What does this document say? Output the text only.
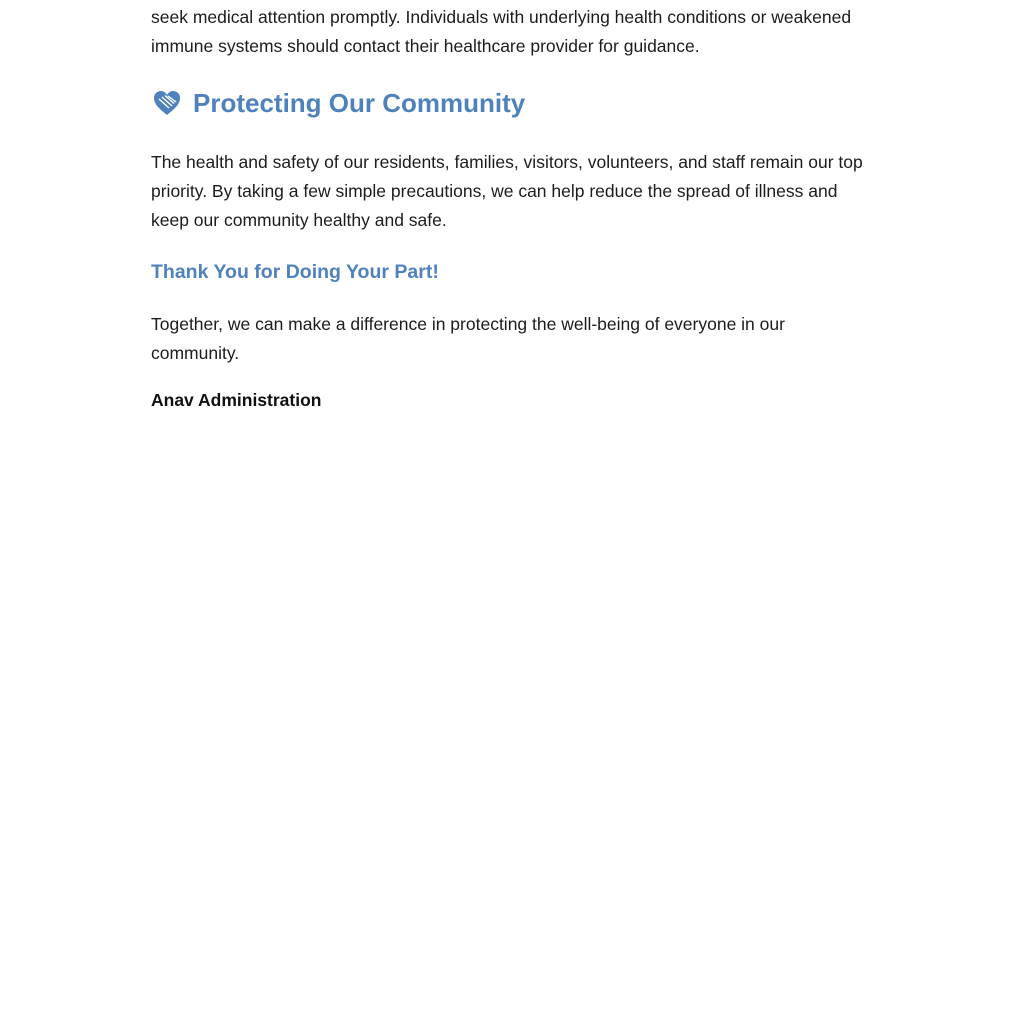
seek medical attention promptly. Individuals with underlying health conditions or weakened immune systems should contact their healthcare provider for guidance.

Protecting Our Community

The health and safety of our residents, families, visitors, volunteers, and staff remain our top priority. By taking a few simple precautions, we can help reduce the spread of illness and keep our community healthy and safe.

Thank You for Doing Your Part!

Together, we can make a difference in protecting the well-being of everyone in our community.

Anav Administration
